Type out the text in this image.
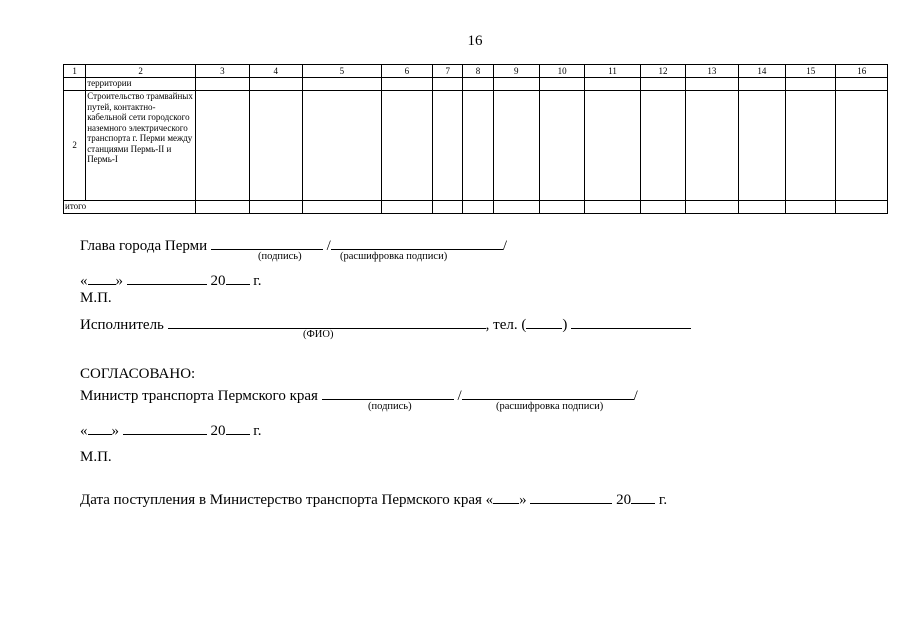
16
1	2	3	4	5	6	7	8	9	10	11	12	13	14	15	16
	территории														
2	Строительство трамвайных путей, контактно-кабельной сети городского наземного электрического транспорта г. Перми между станциями Пермь-II и Пермь-I														
итого															
Глава города Перми	/	/
(подпись)	(расшифровка подписи)
« »	20 г.
М.П.
Исполнитель	, тел. ( )
(ФИО)
СОГЛАСОВАНО:
Министр транспорта Пермского края	/	/
(подпись)	(расшифровка подписи)
« »	20 г.
М.П.
Дата поступления в Министерство транспорта Пермского края « »	20 г.
